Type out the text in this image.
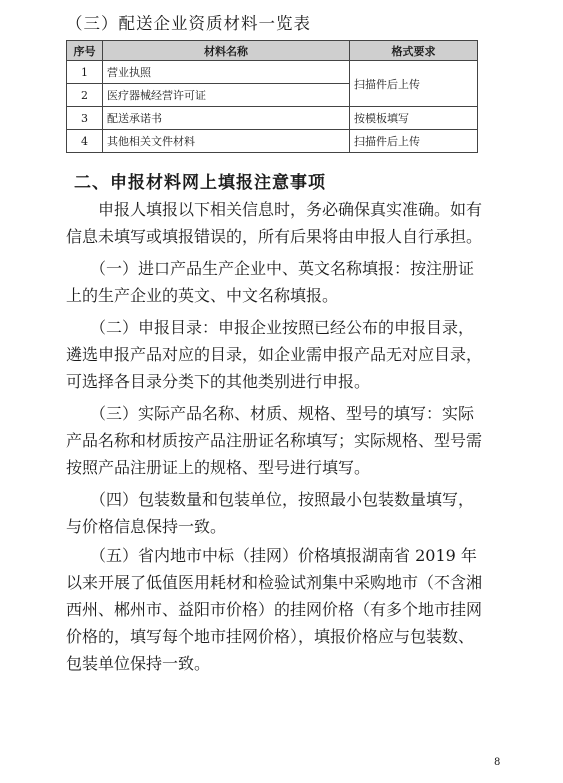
（三）配送企业资质材料一览表
序号	材料名称	格式要求
1	营业执照	扫描件后上传
2	医疗器械经营许可证	
3	配送承诺书	按模板填写
4	其他相关文件材料	扫描件后上传
二、申报材料网上填报注意事项

　　申报人填报以下相关信息时，务必确保真实准确。如有
信息未填写或填报错误的，所有后果将由申报人自行承担。

　　（一）进口产品生产企业中、英文名称填报：按注册证
上的生产企业的英文、中文名称填报。

　　（二）申报目录：申报企业按照已经公布的申报目录，
遴选申报产品对应的目录，如企业需申报产品无对应目录，
可选择各目录分类下的其他类别进行申报。

　　（三）实际产品名称、材质、规格、型号的填写：实际
产品名称和材质按产品注册证名称填写；实际规格、型号需
按照产品注册证上的规格、型号进行填写。

　　（四）包装数量和包装单位，按照最小包装数量填写，
与价格信息保持一致。

　　（五）省内地市中标（挂网）价格填报湖南省 2019 年
以来开展了低值医用耗材和检验试剂集中采购地市（不含湘
西州、郴州市、益阳市价格）的挂网价格（有多个地市挂网
价格的，填写每个地市挂网价格），填报价格应与包装数、
包装单位保持一致。

8
